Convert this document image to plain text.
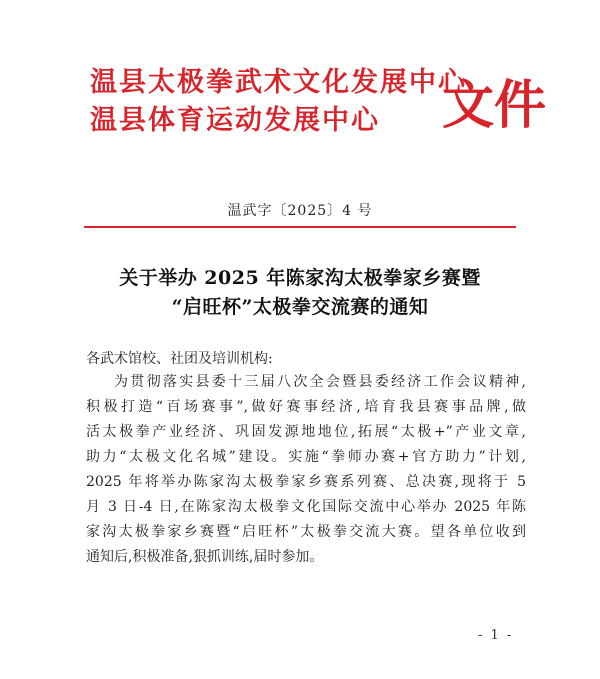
温县太极拳武术文化发展中心
温县体育运动发展中心 文件
温武字〔2025〕4 号
关于举办 2025 年陈家沟太极拳家乡赛暨
“启旺杯”太极拳交流赛的通知
各武术馆校、社团及培训机构:
为贯彻落实县委十三届八次全会暨县委经济工作会议精神,
积极打造“百场赛事”,做好赛事经济,培育我县赛事品牌,做
活太极拳产业经济、巩固发源地地位,拓展“太极+”产业文章,
助力“太极文化名城”建设。实施“拳师办赛+官方助力”计划,
2025 年将举办陈家沟太极拳家乡赛系列赛、总决赛,现将于 5
月 3 日-4 日,在陈家沟太极拳文化国际交流中心举办 2025 年陈
家沟太极拳家乡赛暨“启旺杯”太极拳交流大赛。望各单位收到
通知后,积极准备,狠抓训练,届时参加。
- 1 -
